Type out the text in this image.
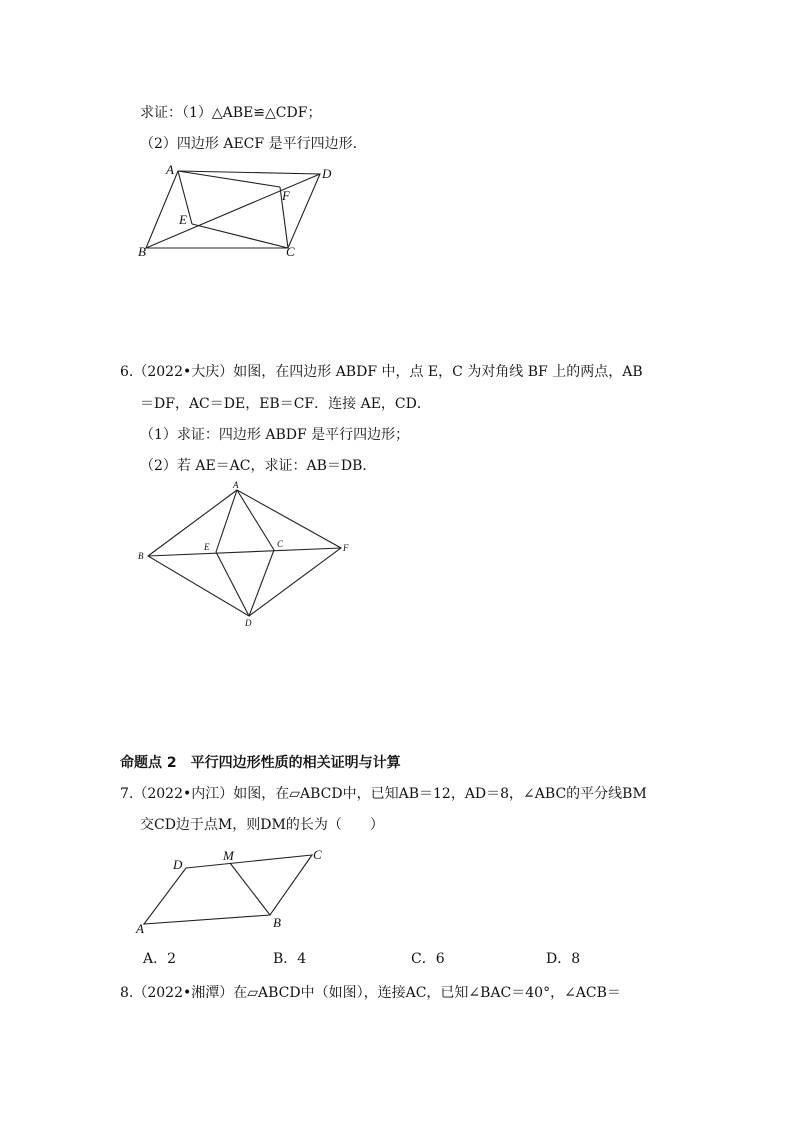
求证：（1）△ABE≌△CDF；
（2）四边形 AECF 是平行四边形.
A	D
F
E
B	C
6.（2022•大庆）如图，在四边形 ABDF 中，点 E，C 为对角线 BF 上的两点，AB
＝DF，AC＝DE，EB＝CF．连接 AE，CD．
（1）求证：四边形 ABDF 是平行四边形；
（2）若 AE＝AC，求证：AB＝DB．
A
B
E	C	F
D
命题点 2　平行四边形性质的相关证明与计算
7.（2022•内江）如图，在▱ABCD中，已知AB＝12，AD＝8，∠ABC的平分线BM
交CD边于点M，则DM的长为（　　）
D
M	C
A	B
A．2	B．4	C．6	D．8
8.（2022•湘潭）在▱ABCD中（如图），连接AC，已知∠BAC＝40°，∠ACB＝
